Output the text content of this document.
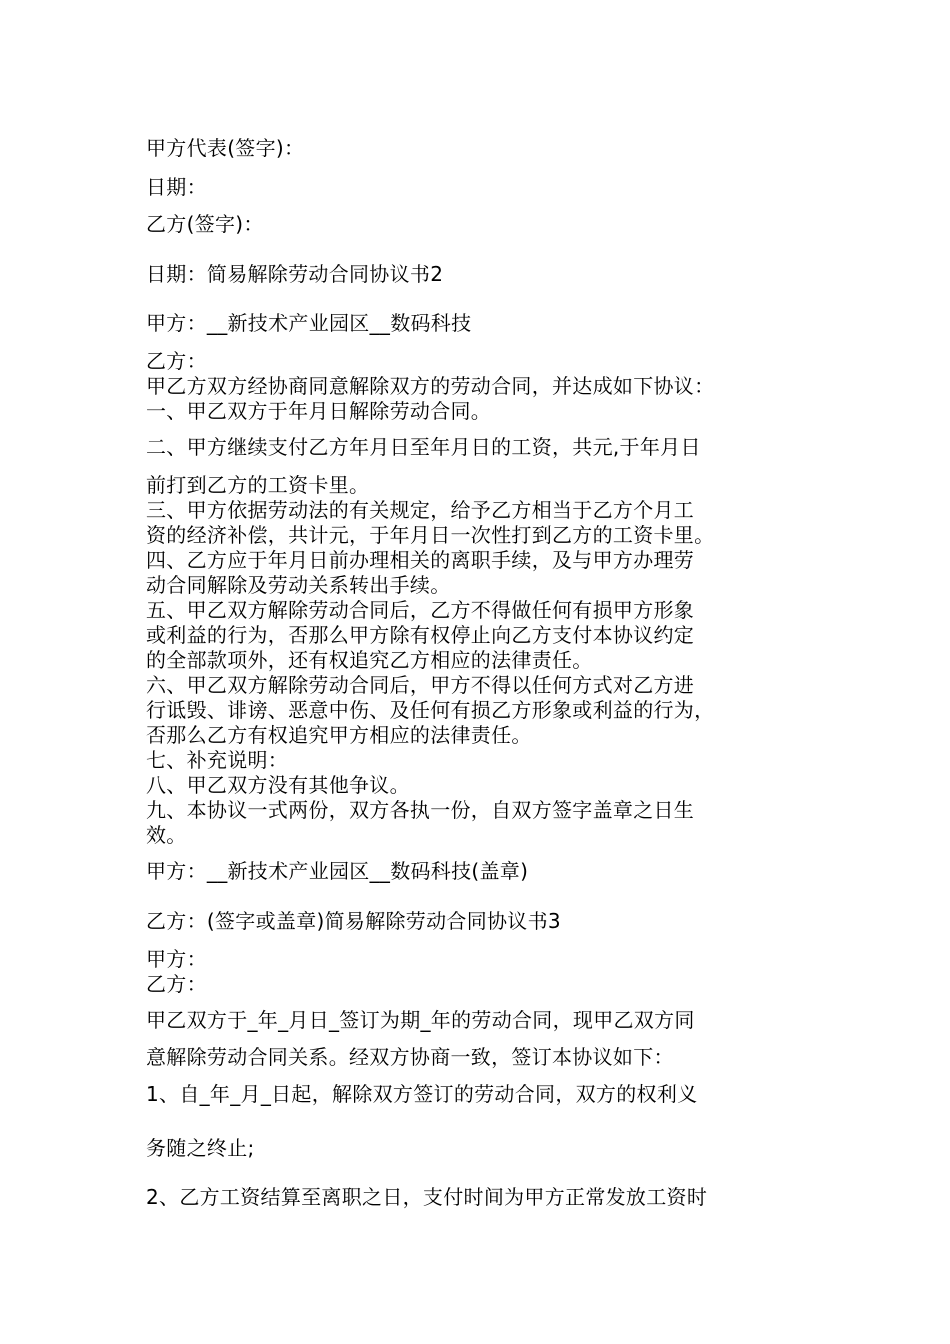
甲方代表(签字)：
日期：
乙方(签字)：
日期：简易解除劳动合同协议书2
甲方：__新技术产业园区__数码科技
乙方：
甲乙方双方经协商同意解除双方的劳动合同，并达成如下协议：
一、甲乙双方于年月日解除劳动合同。
二、甲方继续支付乙方年月日至年月日的工资，共元,于年月日
前打到乙方的工资卡里。
三、甲方依据劳动法的有关规定，给予乙方相当于乙方个月工
资的经济补偿，共计元，于年月日一次性打到乙方的工资卡里。
四、乙方应于年月日前办理相关的离职手续，及与甲方办理劳
动合同解除及劳动关系转出手续。
五、甲乙双方解除劳动合同后，乙方不得做任何有损甲方形象
或利益的行为，否那么甲方除有权停止向乙方支付本协议约定
的全部款项外，还有权追究乙方相应的法律责任。
六、甲乙双方解除劳动合同后，甲方不得以任何方式对乙方进
行诋毁、诽谤、恶意中伤、及任何有损乙方形象或利益的行为，
否那么乙方有权追究甲方相应的法律责任。
七、补充说明：
八、甲乙双方没有其他争议。
九、本协议一式两份，双方各执一份，自双方签字盖章之日生
效。
甲方：__新技术产业园区__数码科技(盖章)
乙方：(签字或盖章)简易解除劳动合同协议书3
甲方：
乙方：
甲乙双方于_年_月日_签订为期_年的劳动合同，现甲乙双方同
意解除劳动合同关系。经双方协商一致，签订本协议如下：
1、自_年_月_日起，解除双方签订的劳动合同，双方的权利义
务随之终止;
2、乙方工资结算至离职之日，支付时间为甲方正常发放工资时
